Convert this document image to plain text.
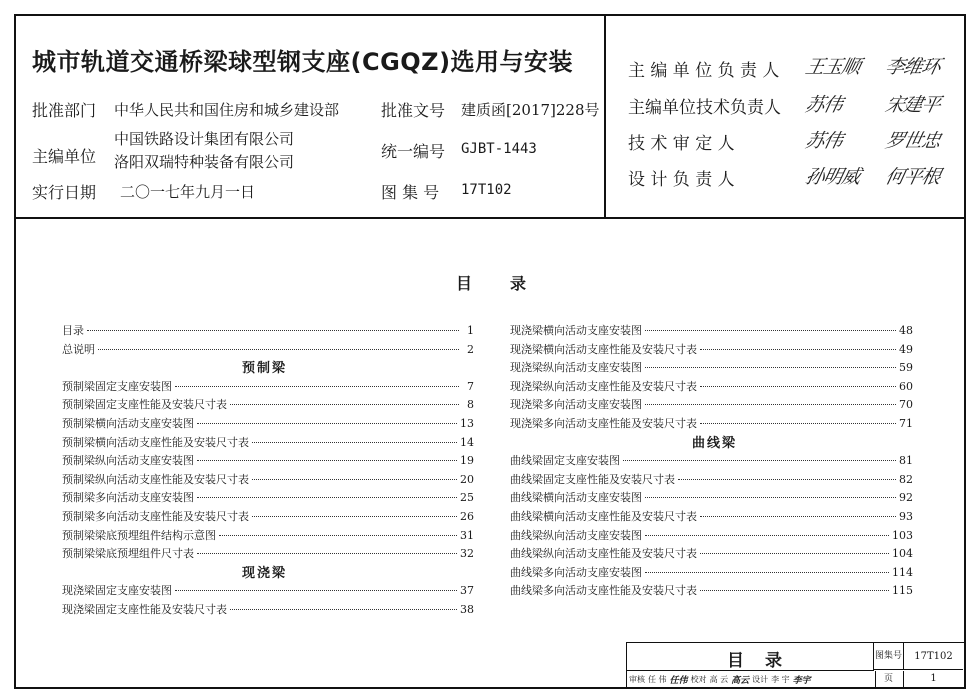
城市轨道交通桥梁球型钢支座(CGQZ)选用与安装
批准部门 中华人民共和国住房和城乡建设部	批准文号 建质函[2017]228号
主编单位
中国铁路设计集团有限公司
洛阳双瑞特种装备有限公司
统一编号 GJBT-1443
实行日期 二〇一七年九月一日	图 集 号 17T102
主 编 单 位 负 责 人 王玉顺 李维环
主编单位技术负责人 苏伟 宋建平
技 术 审 定 人	苏伟 罗世忠
设 计 负 责 人	孙明威 何平根
目 录
目 录	图集号	17T102
页	1
审核 任 伟 任伟 校对 高 云 高云 设计 李 宇 李宇
目录	1
总说明	2
预制梁
预制梁固定支座安装图	7
预制梁固定支座性能及安装尺寸表	8
预制梁横向活动支座安装图	13
预制梁横向活动支座性能及安装尺寸表	14
预制梁纵向活动支座安装图	19
预制梁纵向活动支座性能及安装尺寸表	20
预制梁多向活动支座安装图	25
预制梁多向活动支座性能及安装尺寸表	26
预制梁梁底预埋组件结构示意图	31
预制梁梁底预埋组件尺寸表	32
现浇梁
现浇梁固定支座安装图	37
现浇梁固定支座性能及安装尺寸表	38
现浇梁横向活动支座安装图	48
现浇梁横向活动支座性能及安装尺寸表	49
现浇梁纵向活动支座安装图	59
现浇梁纵向活动支座性能及安装尺寸表	60
现浇梁多向活动支座安装图	70
现浇梁多向活动支座性能及安装尺寸表	71
曲线梁
曲线梁固定支座安装图	81
曲线梁固定支座性能及安装尺寸表	82
曲线梁横向活动支座安装图	92
曲线梁横向活动支座性能及安装尺寸表	93
曲线梁纵向活动支座安装图	103
曲线梁纵向活动支座性能及安装尺寸表	104
曲线梁多向活动支座安装图	114
曲线梁多向活动支座性能及安装尺寸表	115
